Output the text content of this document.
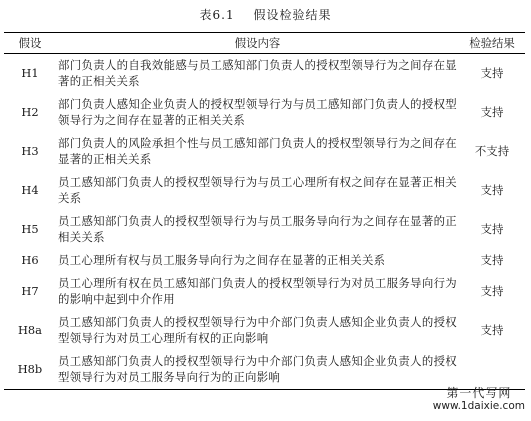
表6.1 假设检验结果
假设	假设内容	检验结果
H1	部门负责人的自我效能感与员工感知部门负责人的授权型领导行为之间存在显著的正相关关系	支持
H2	部门负责人感知企业负责人的授权型领导行为与员工感知部门负责人的授权型领导行为之间存在显著的正相关关系	支持
H3	部门负责人的风险承担个性与员工感知部门负责人的授权型领导行为之间存在显著的正相关关系	不支持
H4	员工感知部门负责人的授权型领导行为与员工心理所有权之间存在显著正相关关系	支持
H5	员工感知部门负责人的授权型领导行为与员工服务导向行为之间存在显著的正相关关系	支持
H6	员工心理所有权与员工服务导向行为之间存在显著的正相关关系	支持
H7	员工心理所有权在员工感知部门负责人的授权型领导行为对员工服务导向行为的影响中起到中介作用	支持
H8a	员工感知部门负责人的授权型领导行为中介部门负责人感知企业负责人的授权型领导行为对员工心理所有权的正向影响	支持
H8b	员工感知部门负责人的授权型领导行为中介部门负责人感知企业负责人的授权型领导行为对员工服务导向行为的正向影响	
第一代写网
www.1daixie.com
